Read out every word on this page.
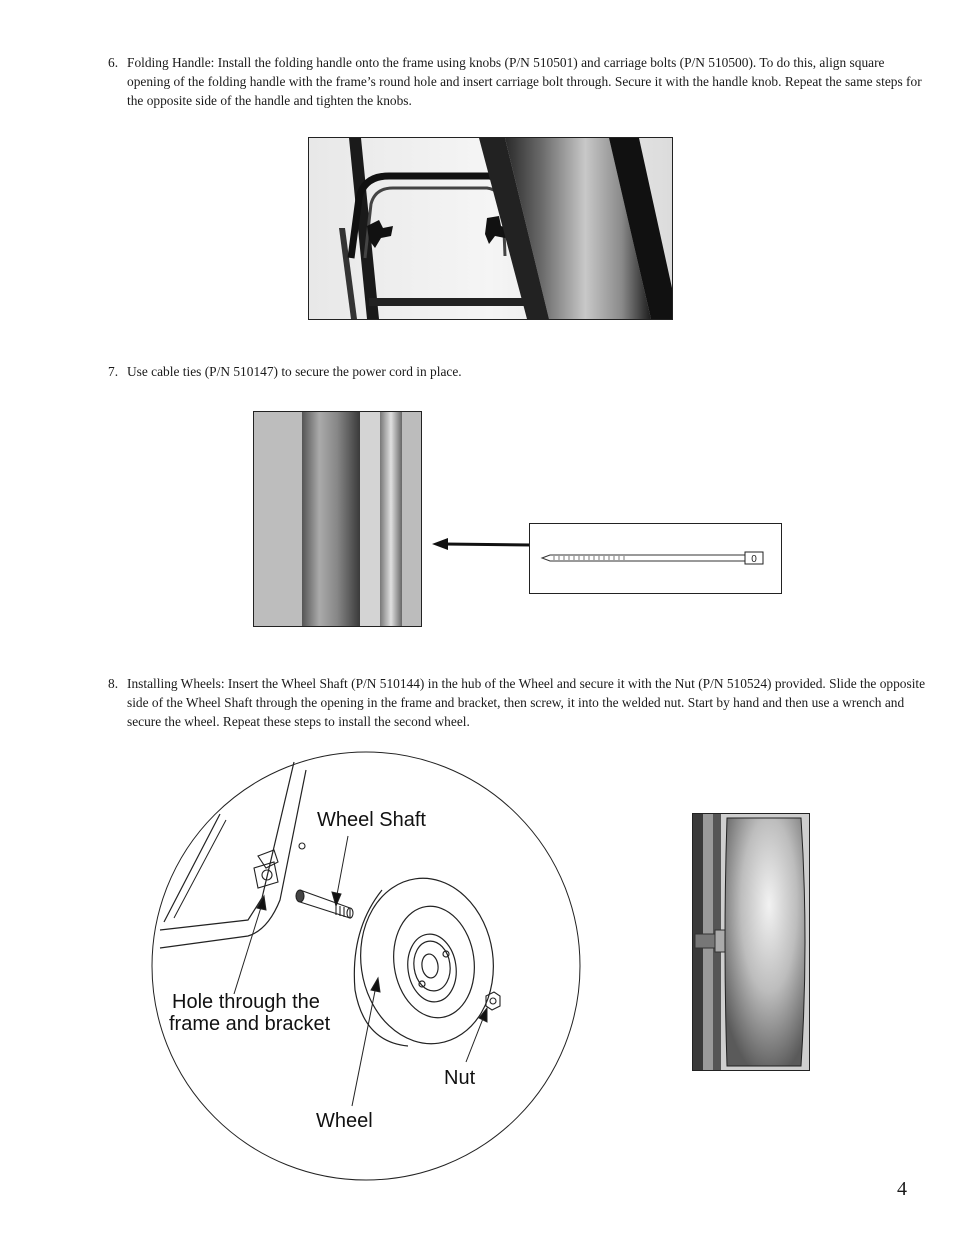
6. Folding Handle: Install the folding handle onto the frame using knobs (P/N 510501) and carriage bolts (P/N 510500). To do this, align square opening of the folding handle with the frame’s round hole and insert carriage bolt through. Secure it with the handle knob. Repeat the same steps for the opposite side of the handle and tighten the knobs.
7. Use cable ties (P/N 510147) to secure the power cord in place.
0
8. Installing Wheels: Insert the Wheel Shaft (P/N 510144) in the hub of the Wheel and secure it with the Nut (P/N 510524) provided. Slide the opposite side of the Wheel Shaft through the opening in the frame and bracket, then screw, it into the welded nut. Start by hand and then use a wrench and secure the wheel. Repeat these steps to install the second wheel.
Wheel Shaft
Hole through the
frame and bracket
Nut
Wheel
4
